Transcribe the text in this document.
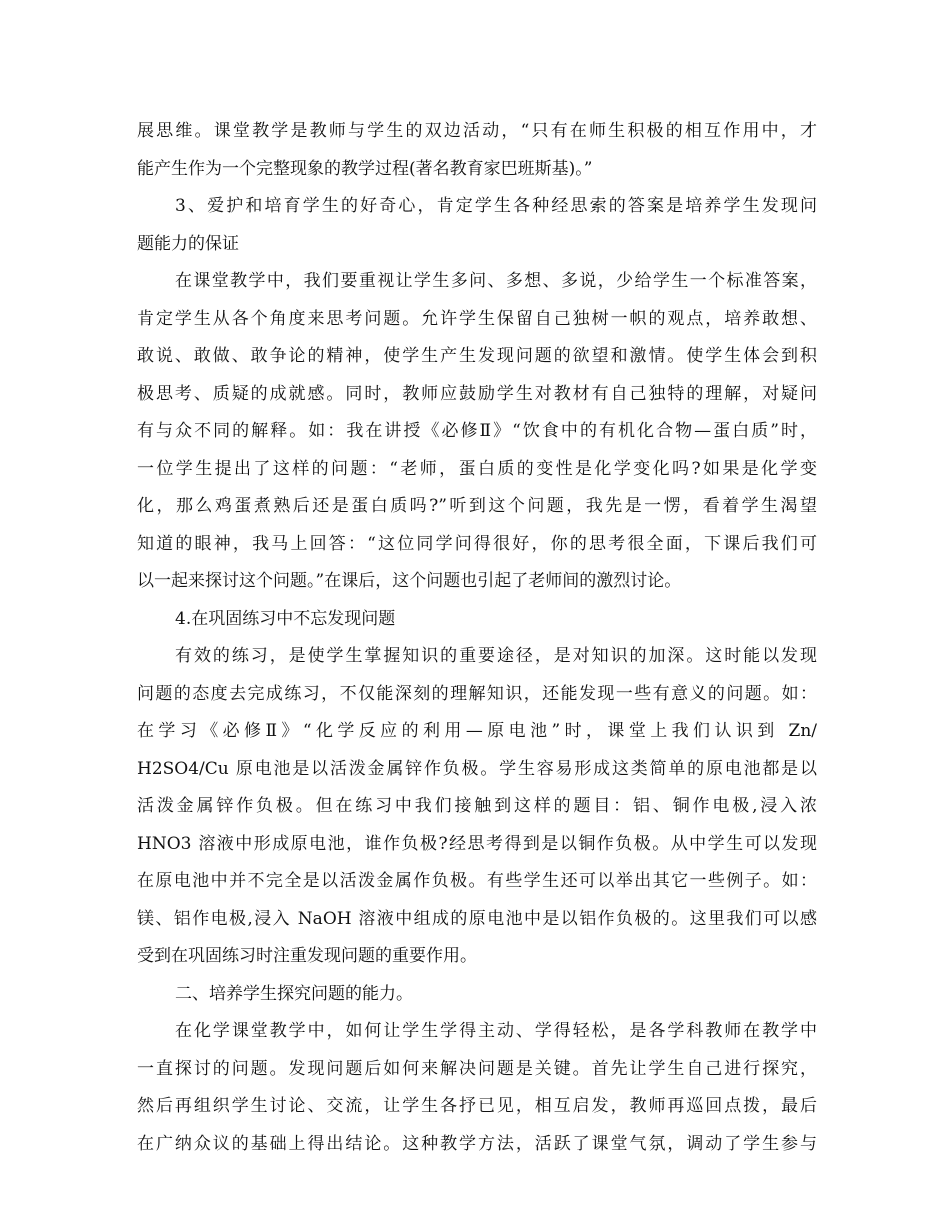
展思维。课堂教学是教师与学生的双边活动，“只有在师生积极的相互作用中，才
能产生作为一个完整现象的教学过程(著名教育家巴班斯基)。”
3、爱护和培育学生的好奇心，肯定学生各种经思索的答案是培养学生发现问
题能力的保证
在课堂教学中，我们要重视让学生多问、多想、多说，少给学生一个标准答案，
肯定学生从各个角度来思考问题。允许学生保留自己独树一帜的观点，培养敢想、
敢说、敢做、敢争论的精神，使学生产生发现问题的欲望和激情。使学生体会到积
极思考、质疑的成就感。同时，教师应鼓励学生对教材有自己独特的理解，对疑问
有与众不同的解释。如：我在讲授《必修Ⅱ》“饮食中的有机化合物—蛋白质”时，
一位学生提出了这样的问题：“老师，蛋白质的变性是化学变化吗?如果是化学变
化，那么鸡蛋煮熟后还是蛋白质吗?”听到这个问题，我先是一愣，看着学生渴望
知道的眼神，我马上回答：“这位同学问得很好，你的思考很全面，下课后我们可
以一起来探讨这个问题。”在课后，这个问题也引起了老师间的激烈讨论。
4.在巩固练习中不忘发现问题
有效的练习，是使学生掌握知识的重要途径，是对知识的加深。这时能以发现
问题的态度去完成练习，不仅能深刻的理解知识，还能发现一些有意义的问题。如：
在学习《必修Ⅱ》“化学反应的利用—原电池”时，课堂上我们认识到 Zn/
H2SO4/Cu 原电池是以活泼金属锌作负极。学生容易形成这类简单的原电池都是以
活泼金属锌作负极。但在练习中我们接触到这样的题目：铝、铜作电极,浸入浓
HNO3 溶液中形成原电池，谁作负极?经思考得到是以铜作负极。从中学生可以发现
在原电池中并不完全是以活泼金属作负极。有些学生还可以举出其它一些例子。如：
镁、铝作电极,浸入 NaOH 溶液中组成的原电池中是以铝作负极的。这里我们可以感
受到在巩固练习时注重发现问题的重要作用。
二、培养学生探究问题的能力。
在化学课堂教学中，如何让学生学得主动、学得轻松，是各学科教师在教学中
一直探讨的问题。发现问题后如何来解决问题是关键。首先让学生自己进行探究，
然后再组织学生讨论、交流，让学生各抒已见，相互启发，教师再巡回点拨，最后
在广纳众议的基础上得出结论。这种教学方法，活跃了课堂气氛，调动了学生参与
